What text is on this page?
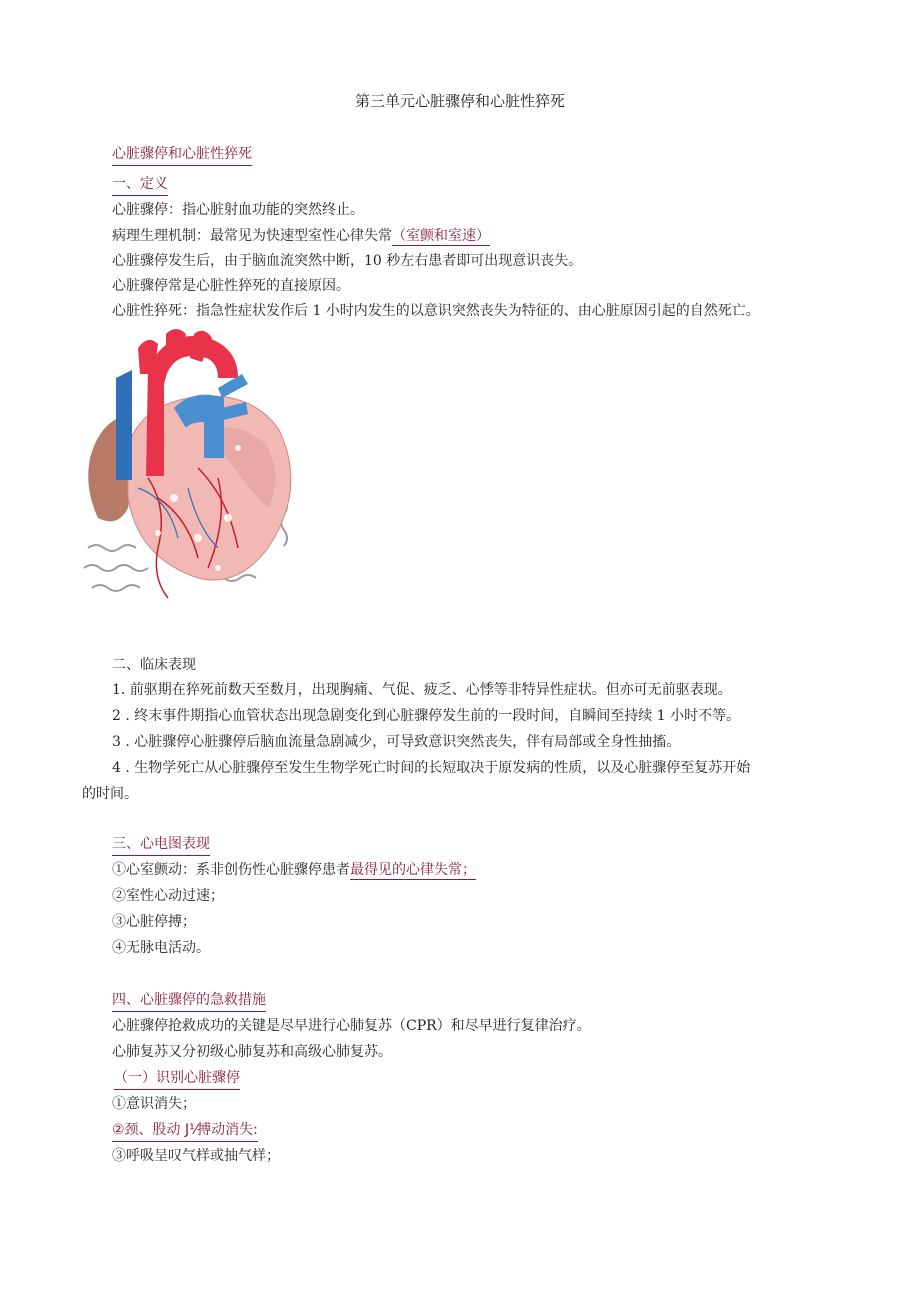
第三单元心脏骤停和心脏性猝死
心脏骤停和心脏性猝死
一、定义
心脏骤停：指心脏射血功能的突然终止。
病理生理机制：最常见为快速型室性心律失常（室颤和室速）
心脏骤停发生后，由于脑血流突然中断，10 秒左右患者即可出现意识丧失。
心脏骤停常是心脏性猝死的直接原因。
心脏性猝死：指急性症状发作后 1 小时内发生的以意识突然丧失为特征的、由心脏原因引起的自然死亡。
二、临床表现
1. 前驱期在猝死前数天至数月，出现胸痛、气促、疲乏、心悸等非特异性症状。但亦可无前驱表现。
2 . 终末事件期指心血管状态出现急剧变化到心脏骤停发生前的一段时间，自瞬间至持续 1 小时不等。
3 . 心脏骤停心脏骤停后脑血流量急剧减少，可导致意识突然丧失，伴有局部或全身性抽搐。
4 . 生物学死亡从心脏骤停至发生生物学死亡时间的长短取决于原发病的性质，以及心脏骤停至复苏开始
的时间。
三、心电图表现
①心室颤动：系非创伤性心脏骤停患者最得见的心律失常；
②室性心动过速；
③心脏停搏；
④无脉电活动。
四、心脏骤停的急救措施
心脏骤停抢救成功的关键是尽早进行心肺复苏（CPR）和尽早进行复律治疗。
心肺复苏又分初级心肺复苏和高级心肺复苏。
（一）识别心脏骤停
①意识消失；
②颈、股动 J⅟搏动消失:
③呼吸呈叹气样或抽气样；
